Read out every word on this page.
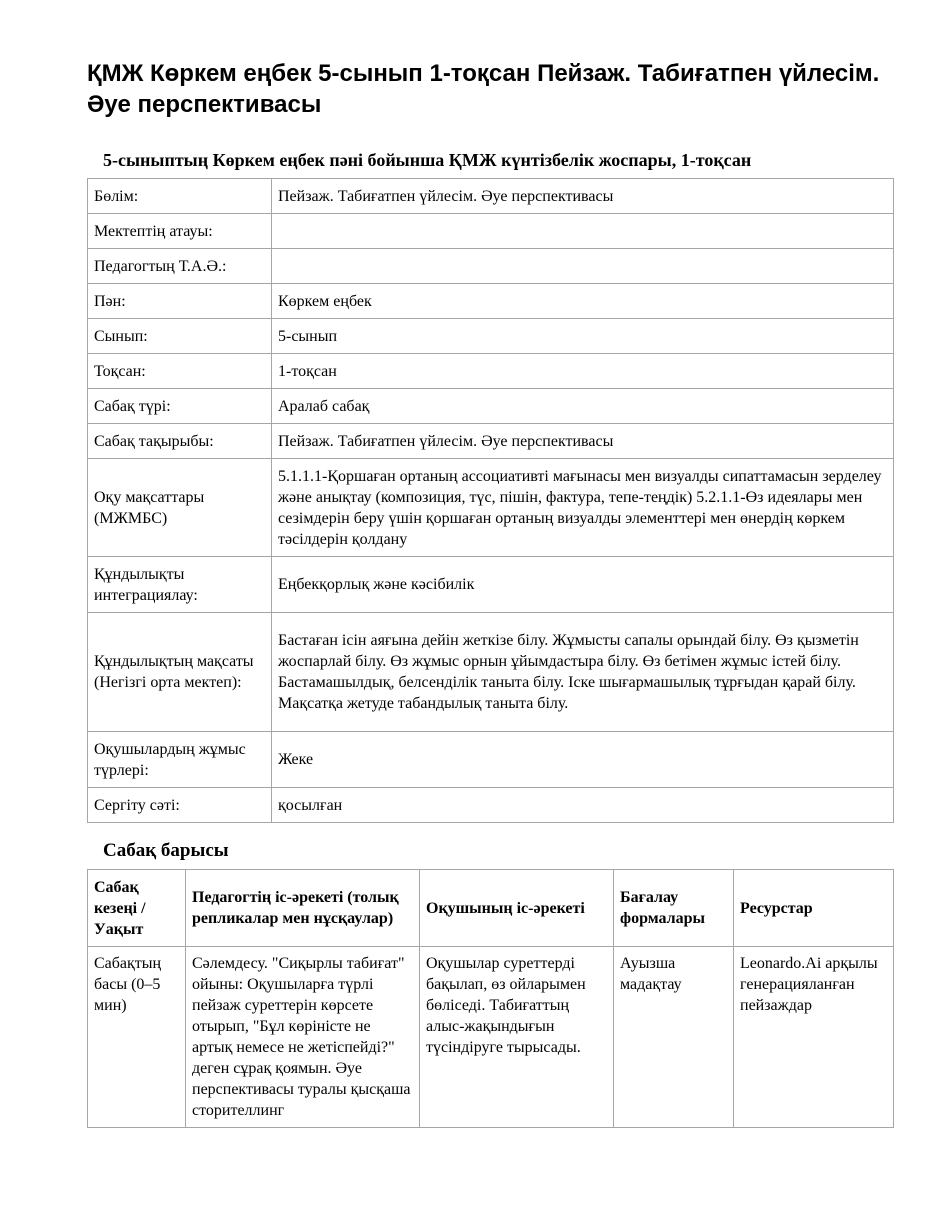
ҚМЖ Көркем еңбек 5-сынып 1-тоқсан Пейзаж. Табиғатпен үйлесім. Әуе перспективасы
5-сыныптың Көркем еңбек пәні бойынша ҚМЖ күнтізбелік жоспары, 1-тоқсан
Бөлім:	Пейзаж. Табиғатпен үйлесім. Әуе перспективасы
Мектептің атауы:	
Педагогтың Т.А.Ә.:	
Пән:	Көркем еңбек
Сынып:	5-сынып
Тоқсан:	1-тоқсан
Сабақ түрі:	Аралаб сабақ
Сабақ тақырыбы:	Пейзаж. Табиғатпен үйлесім. Әуе перспективасы
Оқу мақсаттары (МЖМБС)	5.1.1.1-Қоршаған ортаның ассоциативті мағынасы мен визуалды сипаттамасын зерделеу және анықтау (композиция, түс, пішін, фактура, тепе-теңдік) 5.2.1.1-Өз идеялары мен сезімдерін беру үшін қоршаған ортаның визуалды элементтері мен өнердің көркем тәсілдерін қолдану
Құндылықты интеграциялау:	Еңбекқорлық және кәсібилік
Құндылықтың мақсаты (Негізгі орта мектеп):	Бастаған ісін аяғына дейін жеткізе білу. Жұмысты сапалы орындай білу. Өз қызметін жоспарлай білу. Өз жұмыс орнын ұйымдастыра білу. Өз бетімен жұмыс істей білу. Бастамашылдық, белсенділік таныта білу. Іске шығармашылық тұрғыдан қарай білу. Мақсатқа жетуде табандылық таныта білу.
Оқушылардың жұмыс түрлері:	Жеке
Сергіту сәті:	қосылған
Сабақ барысы
Сабақ кезеңі / Уақыт	Педагогтің іс-әрекеті (толық репликалар мен нұсқаулар)	Оқушының іс-әрекеті	Бағалау формалары	Ресурстар
Сабақтың басы (0–5 мин)	Сәлемдесу. "Сиқырлы табиғат" ойыны: Оқушыларға түрлі пейзаж суреттерін көрсете отырып, "Бұл көріністе не артық немесе не жетіспейді?" деген сұрақ қоямын. Әуе перспективасы туралы қысқаша сторителлинг	Оқушылар суреттерді бақылап, өз ойларымен бөліседі. Табиғаттың алыс-жақындығын түсіндіруге тырысады.	Ауызша мадақтау	Leonardo.Ai арқылы генерацияланған пейзаждар
